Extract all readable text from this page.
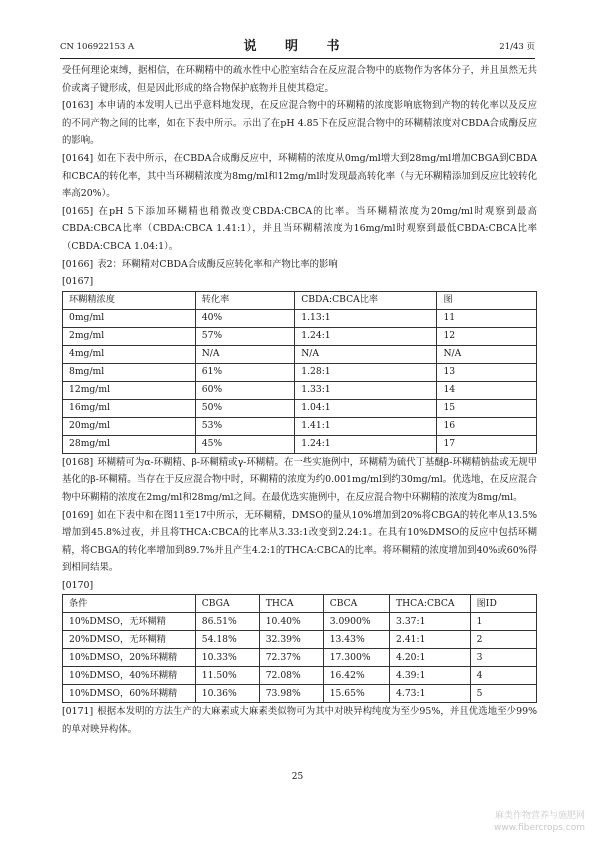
CN 106922153 A	说 明 书	21/43 页

受任何理论束缚，据相信，在环糊精中的疏水性中心腔室结合在反应混合物中的底物作为客体分子，并且虽然无共价或离子键形成，但是因此形成的络合物保护底物并且使其稳定。

[0163] 本申请的本发明人已出乎意料地发现，在反应混合物中的环糊精的浓度影响底物到产物的转化率以及反应的不同产物之间的比率，如在下表中所示。示出了在pH 4.85下在反应混合物中的环糊精浓度对CBDA合成酶反应的影响。

[0164] 如在下表中所示，在CBDA合成酶反应中，环糊精的浓度从0mg/ml增大到28mg/ml增加CBGA到CBDA和CBCA的转化率，其中当环糊精浓度为8mg/ml和12mg/ml时发现最高转化率（与无环糊精添加到反应比较转化率高20%）。

[0165] 在pH 5下添加环糊精也稍微改变CBDA:CBCA的比率。当环糊精浓度为20mg/ml时观察到最高CBDA:CBCA比率（CBDA:CBCA 1.41:1），并且当环糊精浓度为16mg/ml时观察到最低CBDA:CBCA比率（CBDA:CBCA 1.04:1）。

[0166] 表2：环糊精对CBDA合成酶反应转化率和产物比率的影响

[0167]

环糊精浓度	转化率	CBDA:CBCA比率	图
0mg/ml	40%	1.13:1	11
2mg/ml	57%	1.24:1	12
4mg/ml	N/A	N/A	N/A
8mg/ml	61%	1.28:1	13
12mg/ml	60%	1.33:1	14
16mg/ml	50%	1.04:1	15
20mg/ml	53%	1.41:1	16
28mg/ml	45%	1.24:1	17

[0168] 环糊精可为α-环糊精、β-环糊精或γ-环糊精。在一些实施例中，环糊精为硫代丁基醚β-环糊精钠盐或无规甲基化的β-环糊精。当存在于反应混合物中时，环糊精的浓度为约0.001mg/ml到约30mg/ml。优选地，在反应混合物中环糊精的浓度在2mg/ml和28mg/ml之间。在最优选实施例中，在反应混合物中环糊精的浓度为8mg/ml。

[0169] 如在下表中和在图11至17中所示，无环糊精，DMSO的量从10%增加到20%将CBGA的转化率从13.5%增加到45.8%过夜，并且将THCA:CBCA的比率从3.33:1改变到2.24:1。在具有10%DMSO的反应中包括环糊精，将CBGA的转化率增加到89.7%并且产生4.2:1的THCA:CBCA的比率。将环糊精的浓度增加到40%或60%得到相同结果。

[0170]

条件	CBGA	THCA	CBCA	THCA:CBCA	图ID
10%DMSO，无环糊精	86.51%	10.40%	3.0900%	3.37:1	1
20%DMSO，无环糊精	54.18%	32.39%	13.43%	2.41:1	2
10%DMSO，20%环糊精	10.33%	72.37%	17.300%	4.20:1	3
10%DMSO，40%环糊精	11.50%	72.08%	16.42%	4.39:1	4
10%DMSO，60%环糊精	10.36%	73.98%	15.65%	4.73:1	5

[0171] 根据本发明的方法生产的大麻素或大麻素类似物可为其中对映异构纯度为至少95%，并且优选地至少99%的单对映异构体。

25
麻类作物营养与施肥网
www.fibercrops.com
